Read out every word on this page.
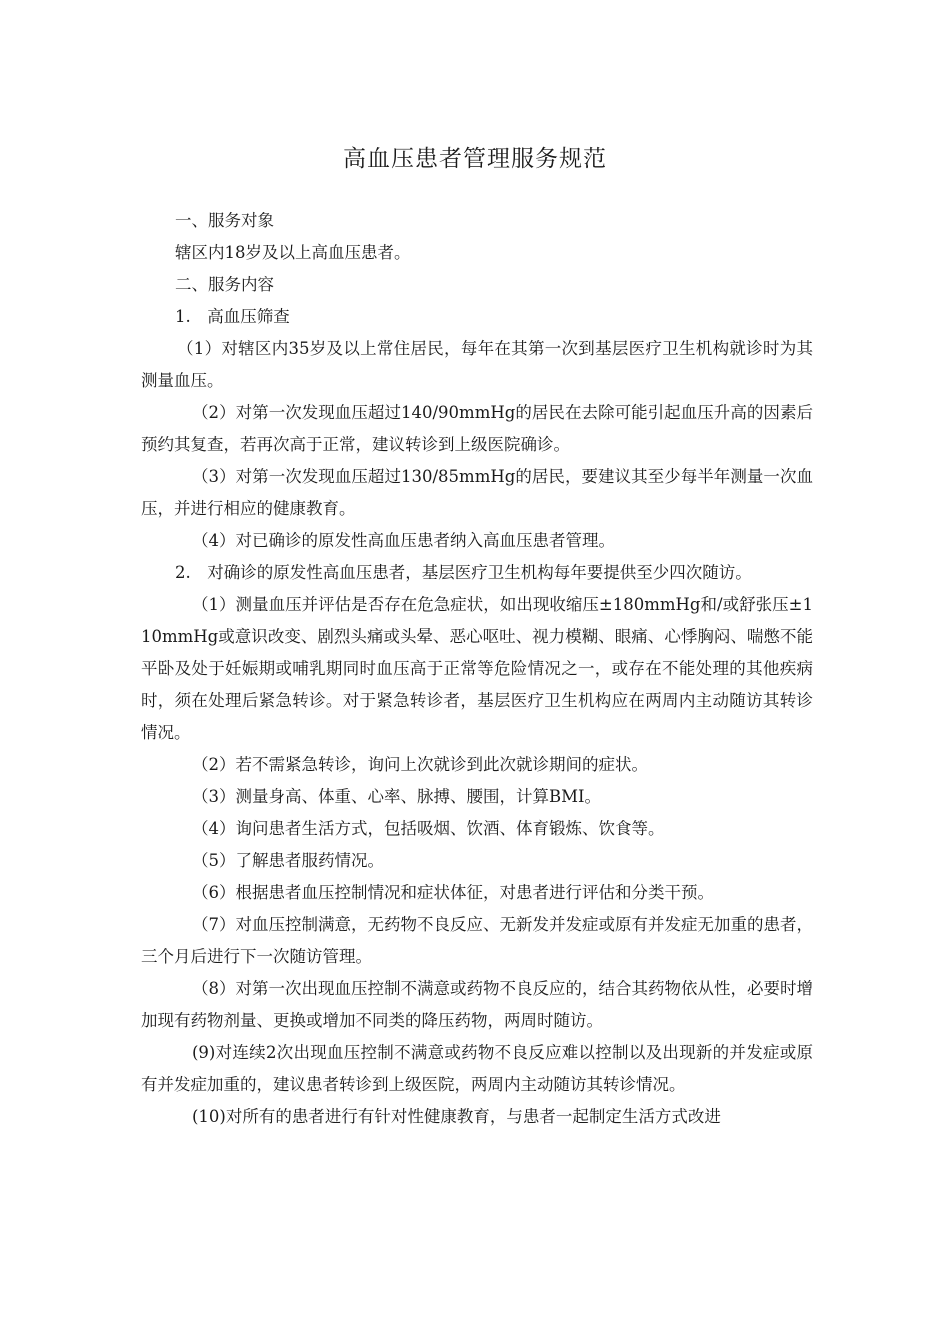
高血压患者管理服务规范

一、服务对象

辖区内18岁及以上高血压患者。

二、服务内容

1.　高血压筛查

（1）对辖区内35岁及以上常住居民，每年在其第一次到基层医疗卫生机构就诊时为其测量血压。

（2）对第一次发现血压超过140/90mmHg的居民在去除可能引起血压升高的因素后预约其复查，若再次高于正常，建议转诊到上级医院确诊。

（3）对第一次发现血压超过130/85mmHg的居民，要建议其至少每半年测量一次血压，并进行相应的健康教育。

（4）对已确诊的原发性高血压患者纳入高血压患者管理。

2.　对确诊的原发性高血压患者，基层医疗卫生机构每年要提供至少四次随访。

（1）测量血压并评估是否存在危急症状，如出现收缩压±180mmHg和/或舒张压±110mmHg或意识改变、剧烈头痛或头晕、恶心呕吐、视力模糊、眼痛、心悸胸闷、喘憋不能平卧及处于妊娠期或哺乳期同时血压高于正常等危险情况之一，或存在不能处理的其他疾病时，须在处理后紧急转诊。对于紧急转诊者，基层医疗卫生机构应在两周内主动随访其转诊情况。

（2）若不需紧急转诊，询问上次就诊到此次就诊期间的症状。

（3）测量身高、体重、心率、脉搏、腰围，计算BMI。

（4）询问患者生活方式，包括吸烟、饮酒、体育锻炼、饮食等。

（5）了解患者服药情况。

（6）根据患者血压控制情况和症状体征，对患者进行评估和分类干预。

（7）对血压控制满意，无药物不良反应、无新发并发症或原有并发症无加重的患者，三个月后进行下一次随访管理。

（8）对第一次出现血压控制不满意或药物不良反应的，结合其药物依从性，必要时增加现有药物剂量、更换或增加不同类的降压药物，两周时随访。

(9)对连续2次出现血压控制不满意或药物不良反应难以控制以及出现新的并发症或原有并发症加重的，建议患者转诊到上级医院，两周内主动随访其转诊情况。

(10)对所有的患者进行有针对性健康教育，与患者一起制定生活方式改进
